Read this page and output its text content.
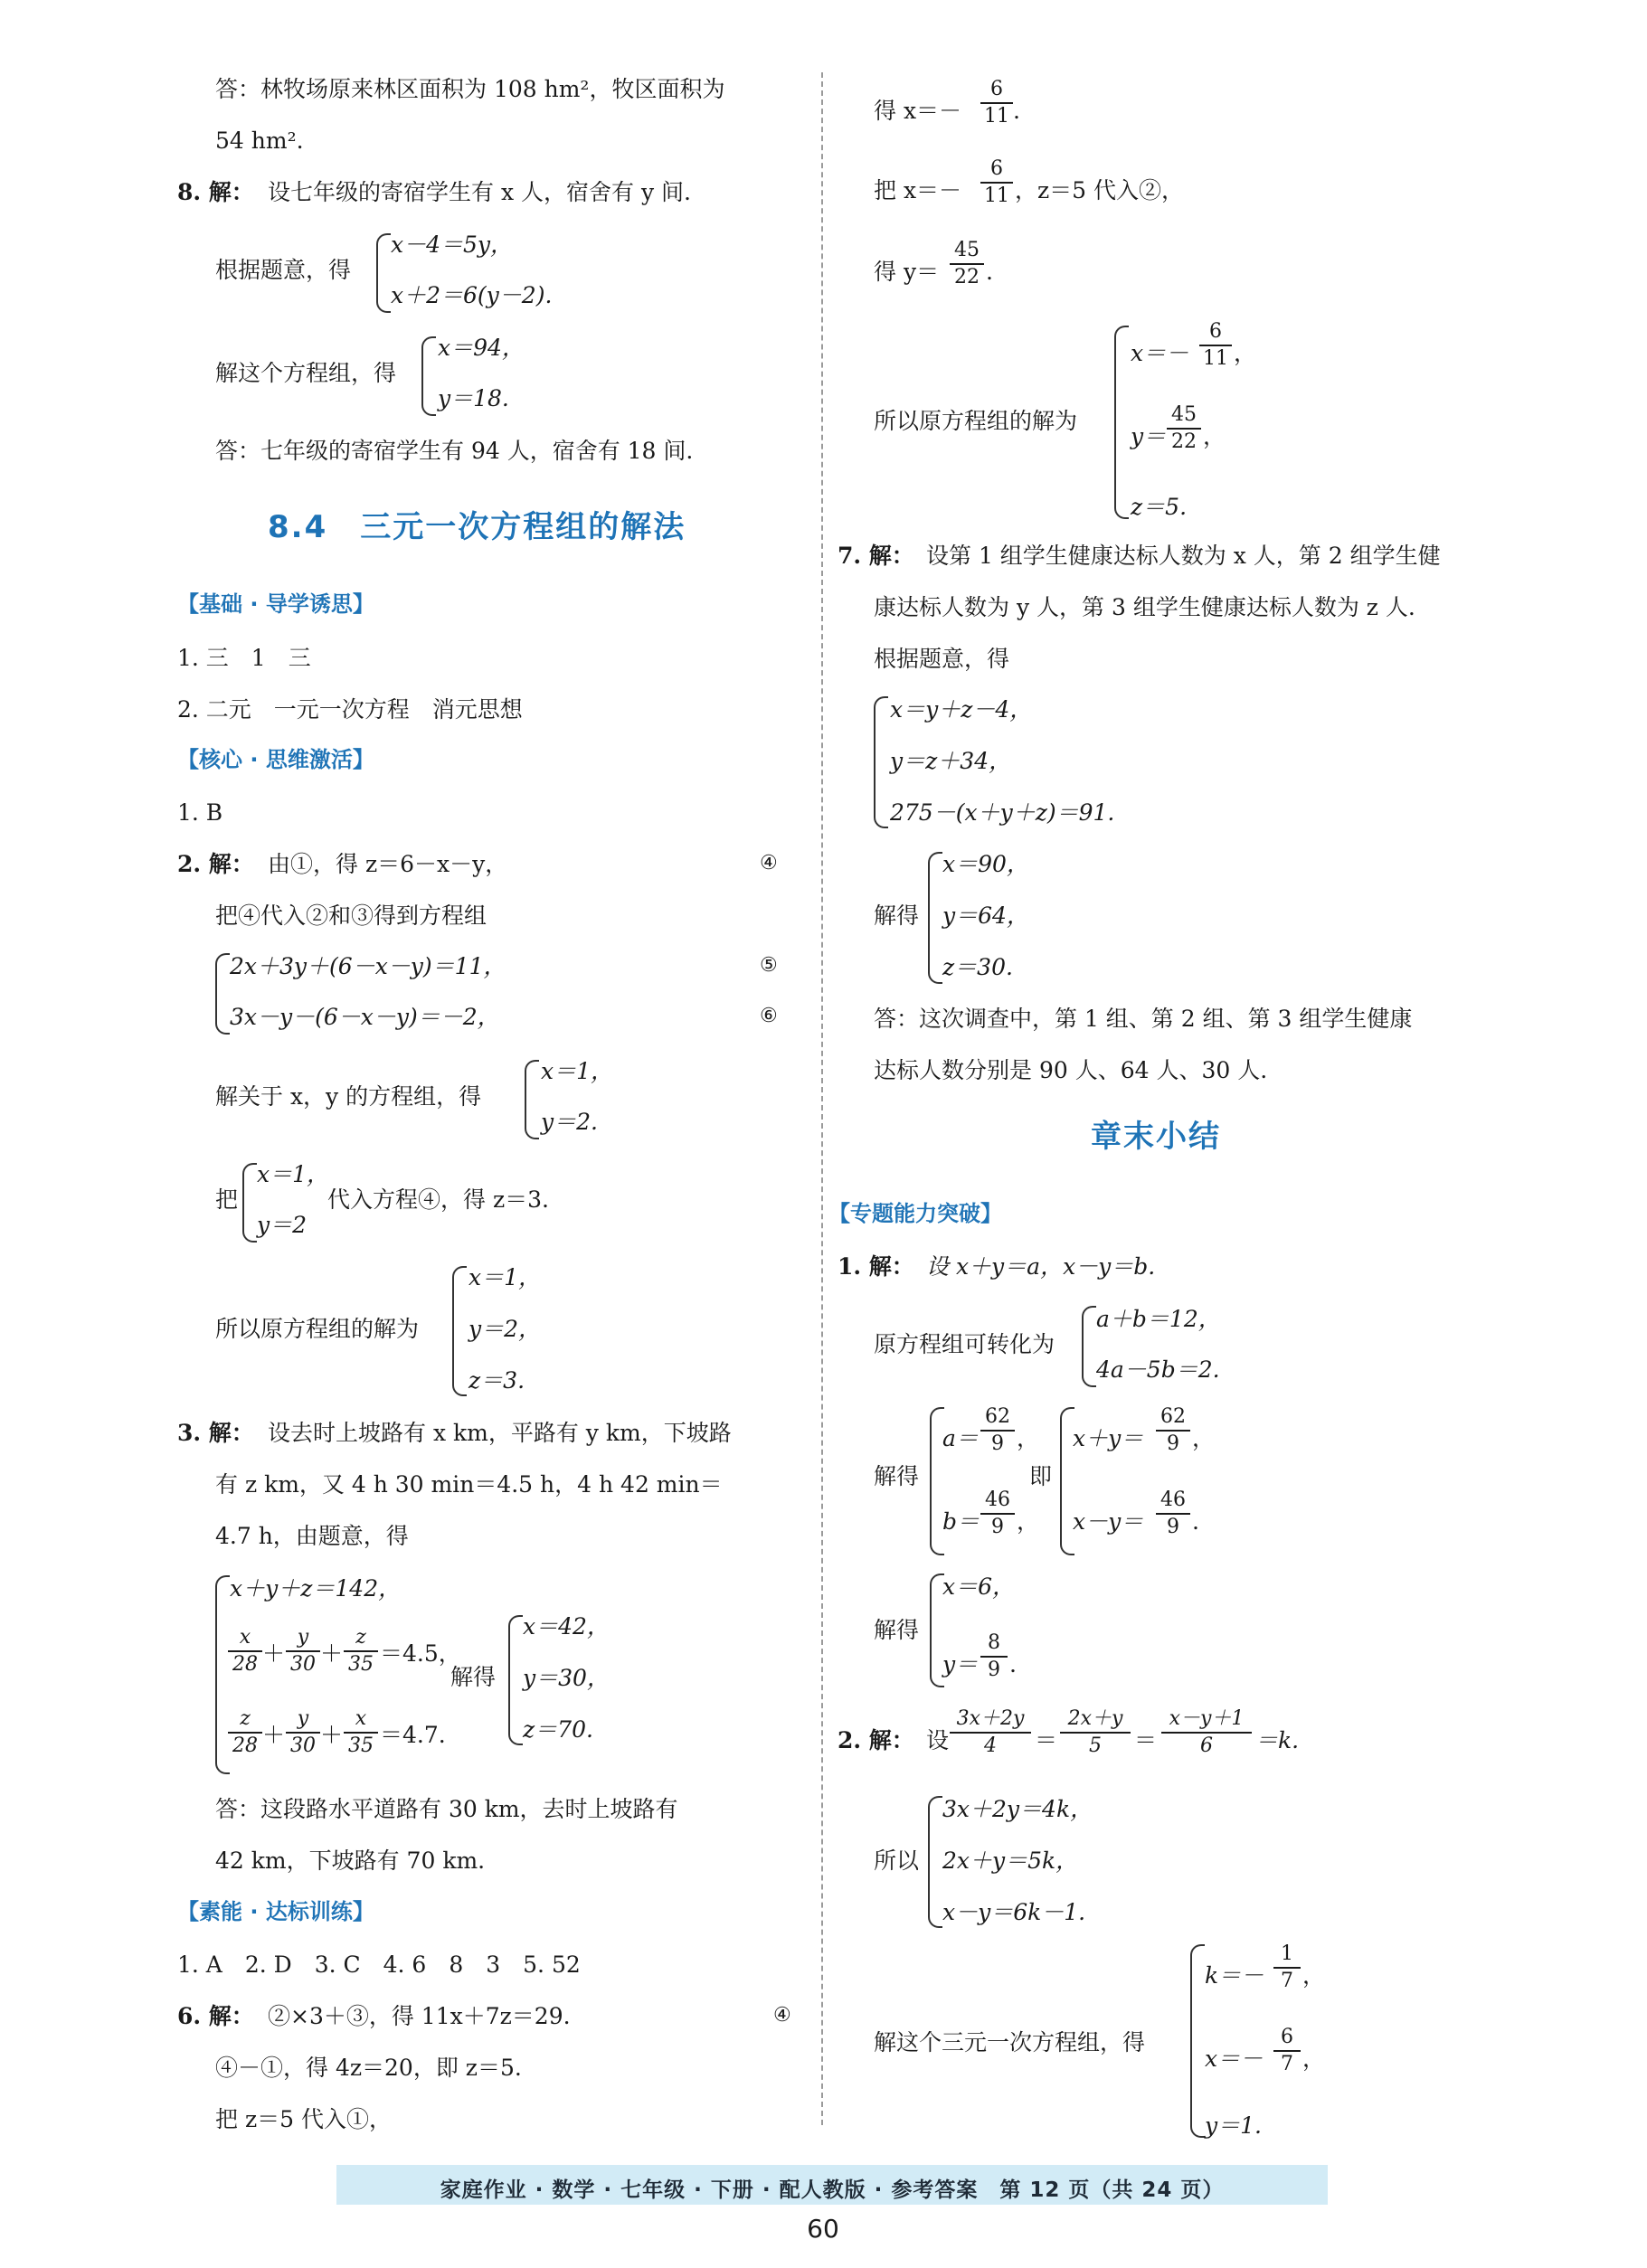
答：林牧场原来林区面积为 108 hm²，牧区面积为
54 hm².
8. 解： 设七年级的寄宿学生有 x 人，宿舍有 y 间.
根据题意，得
x－4＝5y，
x＋2＝6(y－2).
解这个方程组，得
x＝94，
y＝18.
答：七年级的寄宿学生有 94 人，宿舍有 18 间.
8.4　三元一次方程组的解法
【基础 · 导学诱思】
1. 三　1　三
2. 二元　一元一次方程　消元思想
【核心 · 思维激活】
1. B
2. 解： 由①，得 z＝6－x－y，	④
把④代入②和③得到方程组
2x＋3y＋(6－x－y)＝11，	⑤
3x－y－(6－x－y)＝－2，	⑥
解关于 x，y 的方程组，得
x＝1，
y＝2.
把
x＝1，
y＝2
代入方程④，得 z＝3.
所以原方程组的解为
x＝1，
y＝2，
z＝3.
3. 解： 设去时上坡路有 x km，平路有 y km，下坡路
有 z km，又 4 h 30 min＝4.5 h，4 h 42 min＝
4.7 h，由题意，得
x＋y＋z＝142，
$\frac{x}{28} + \frac{y}{30} + \frac{z}{35} =4.5$，
$\frac{z}{28} + \frac{y}{30} + \frac{x}{35} =4.7$.
解得
x＝42，
y＝30，
z＝70.
答：这段路水平道路有 30 km，去时上坡路有
42 km，下坡路有 70 km.
【素能 · 达标训练】
1. A　2. D　3. C　4. 6　8　3　5. 52
6. 解： ②×3＋③，得 11x＋7z＝29.	④
④－①，得 4z＝20，即 z＝5.
把 z＝5 代入①，
得 $x=- \frac{6}{11}$ .
把 $x=- \frac{6}{11}$ ，z＝5 代入②，
得 $y= \frac{45}{22}$ .
所以原方程组的解为
$x=- \frac{6}{11}$ ，
$y= \frac{45}{22}$ ，
z＝5.
7. 解： 设第 1 组学生健康达标人数为 x 人，第 2 组学生健
康达标人数为 y 人，第 3 组学生健康达标人数为 z 人.
根据题意，得
x＝y＋z－4，
y＝z＋34，
275－(x＋y＋z)＝91.
解得
x＝90，
y＝64，
z＝30.
答：这次调查中，第 1 组、第 2 组、第 3 组学生健康
达标人数分别是 90 人、64 人、30 人.
章末小结
【专题能力突破】
1. 解： 设 x＋y＝a，x－y＝b.
原方程组可转化为
a＋b＝12，
4a－5b＝2.
解得
$a= \frac{62}{9}$ ，
$b= \frac{46}{9}$ ，
即
$x+y= \frac{62}{9}$ ，
$x-y= \frac{46}{9}$ .
解得
x＝6，
$y= \frac{8}{9}$ .
2. 解： 设 $\frac{3x+2y}{4} = \frac{2x+y}{5} = \frac{x-y+1}{6} =k$.
所以
3x＋2y＝4k，
2x＋y＝5k，
x－y＝6k－1.
解这个三元一次方程组，得
$k=- \frac{1}{7}$ ，
$x=- \frac{6}{7}$ ，
y＝1.
家庭作业 · 数学 · 七年级 · 下册 · 配人教版 · 参考答案　第 12 页（共 24 页）
60
